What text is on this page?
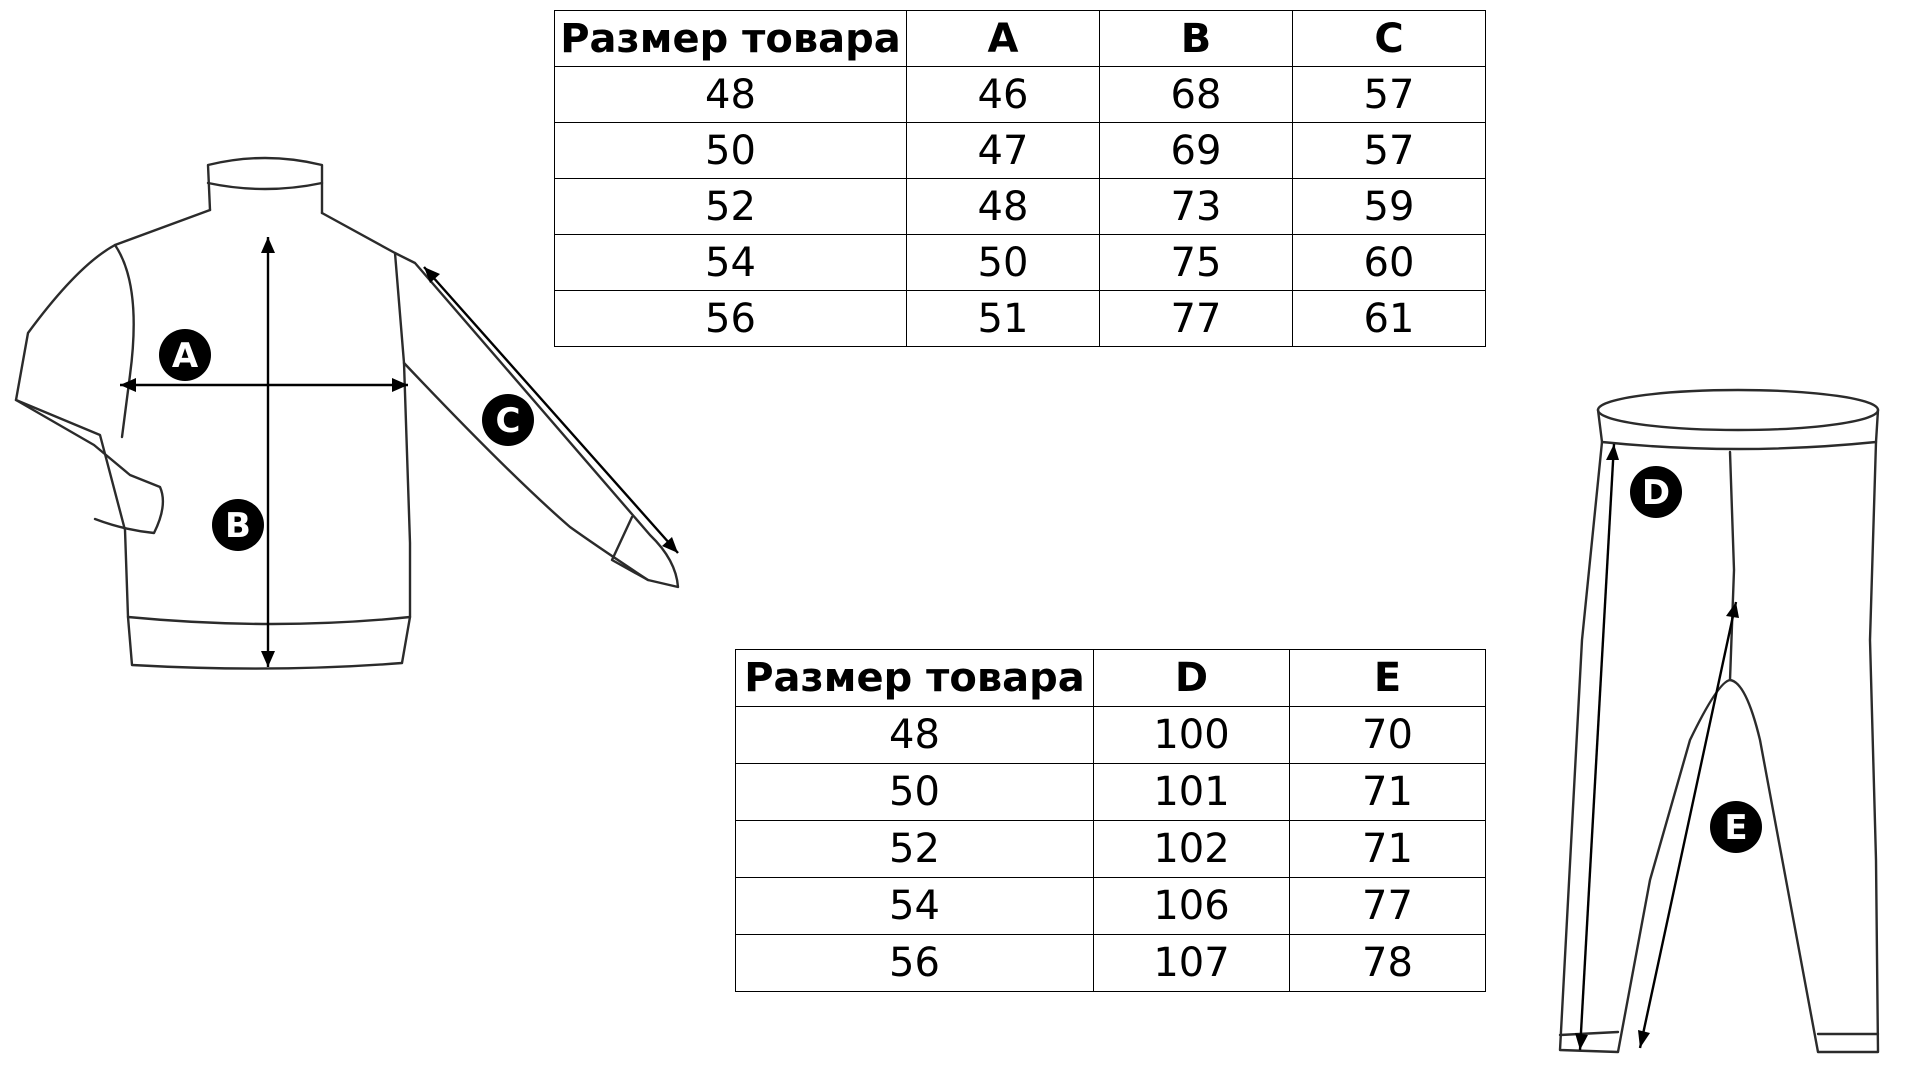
Размер товара	A	B	C
48	46	68	57
50	47	69	57
52	48	73	59
54	50	75	60
56	51	77	61
Размер товара	D	E
48	100	70
50	101	71
52	102	71
54	106	77
56	107	78
A
B
C
D
E
